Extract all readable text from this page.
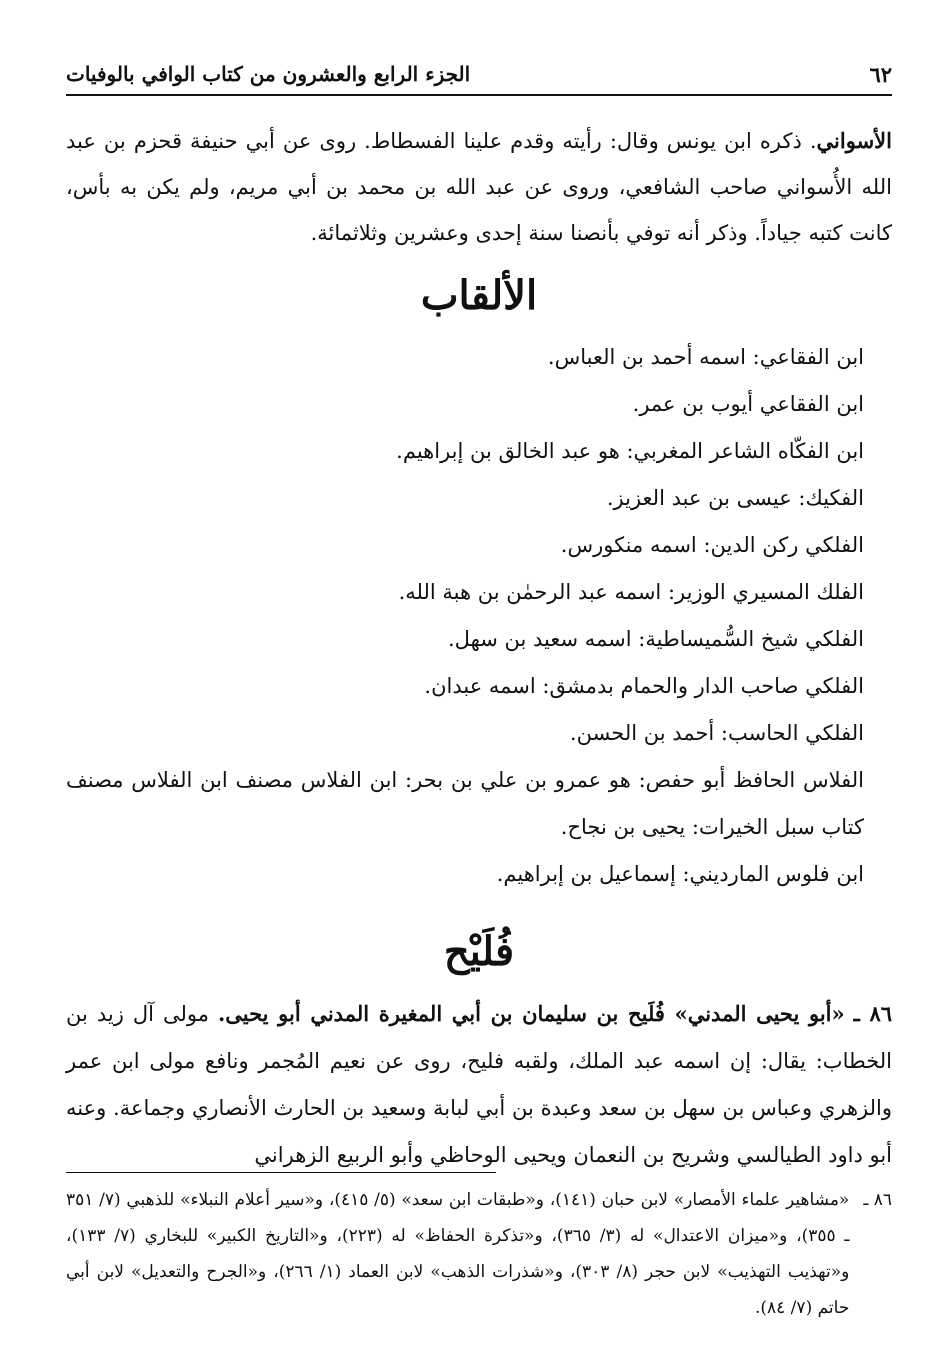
٦٢
الجزء الرابع والعشرون من كتاب الوافي بالوفيات

الأسواني. ذكره ابن يونس وقال: رأيته وقدم علينا الفسطاط. روى عن أبي حنيفة قحزم بن عبد الله الأُسواني صاحب الشافعي، وروى عن عبد الله بن محمد بن أبي مريم، ولم يكن به بأس، كانت كتبه جياداً. وذكر أنه توفي بأنصنا سنة إحدى وعشرين وثلاثمائة.

الألقاب
ابن الفقاعي: اسمه أحمد بن العباس.
ابن الفقاعي أيوب بن عمر.
ابن الفكّاه الشاعر المغربي: هو عبد الخالق بن إبراهيم.
الفكيك: عيسى بن عبد العزيز.
الفلكي ركن الدين: اسمه منكورس.
الفلك المسيري الوزير: اسمه عبد الرحمٰن بن هبة الله.
الفلكي شيخ السُّميساطية: اسمه سعيد بن سهل.
الفلكي صاحب الدار والحمام بدمشق: اسمه عبدان.
الفلكي الحاسب: أحمد بن الحسن.
الفلاس الحافظ أبو حفص: هو عمرو بن علي بن بحر: ابن الفلاس مصنف ابن الفلاس مصنف كتاب سبل الخيرات: يحيى بن نجاح.
ابن فلوس المارديني: إسماعيل بن إبراهيم.
فُلَيْح

٨٦ ـ «أبو يحيى المدني» فُلَيح بن سليمان بن أبي المغيرة المدني أبو يحيى. مولى آل زيد بن الخطاب: يقال: إن اسمه عبد الملك، ولقبه فليح، روى عن نعيم المُجمر ونافع مولى ابن عمر والزهري وعباس بن سهل بن سعد وعبدة بن أبي لبابة وسعيد بن الحارث الأنصاري وجماعة. وعنه أبو داود الطيالسي وشريح بن النعمان ويحيى الوحاظي وأبو الربيع الزهراني

٨٦ ـ
«مشاهير علماء الأمصار» لابن حبان (١٤١)، و«طبقات ابن سعد» (٥/ ٤١٥)، و«سير أعلام النبلاء» للذهبي (٧/ ٣٥١ ـ ٣٥٥)، و«ميزان الاعتدال» له (٣/ ٣٦٥)، و«تذكرة الحفاظ» له (٢٢٣)، و«التاريخ الكبير» للبخاري (٧/ ١٣٣)، و«تهذيب التهذيب» لابن حجر (٨/ ٣٠٣)، و«شذرات الذهب» لابن العماد (١/ ٢٦٦)، و«الجرح والتعديل» لابن أبي حاتم (٧/ ٨٤).
